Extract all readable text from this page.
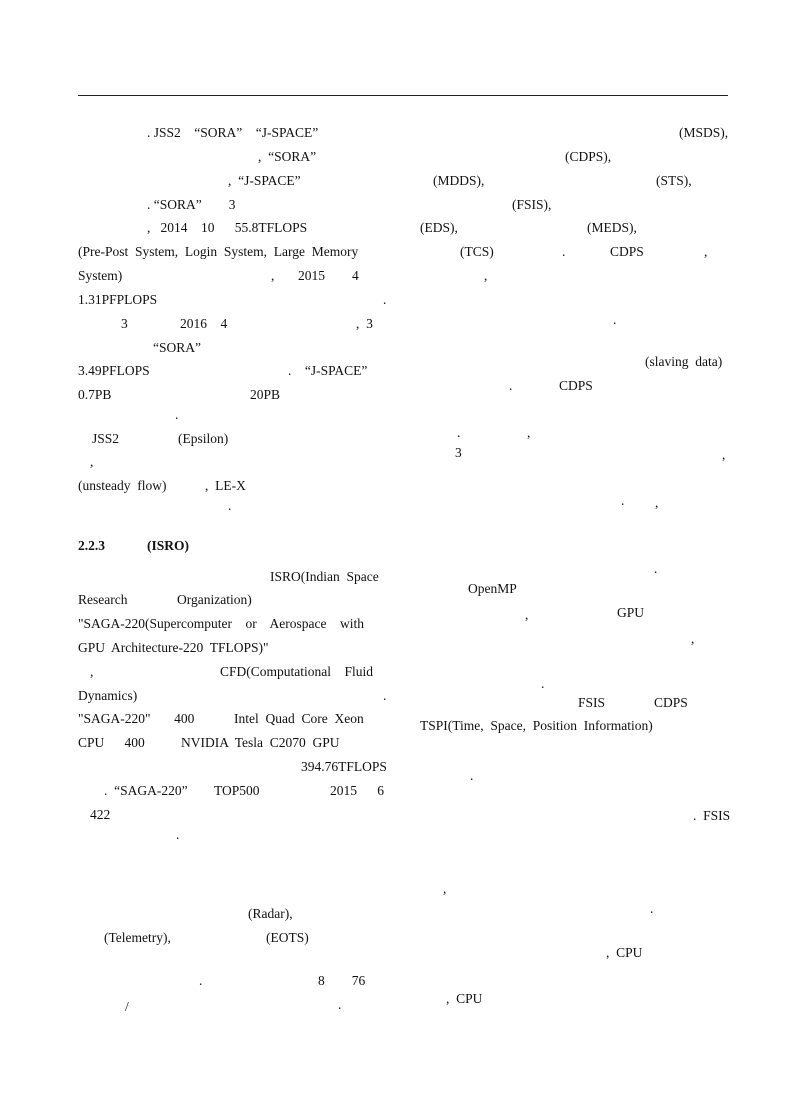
. JSS2    “SORA”    “J-SPACE”
,  “SORA”
,  “J-SPACE”
. “SORA”        3
,   2014    10      55.8TFLOPS
(Pre-Post  System,  Login  System,  Large  Memory
System)	,       2015        4
1.31PFPLOPS	.
3	2016    4	,  3
“SORA”
3.49PFLOPS	.    “J-SPACE”
0.7PB	20PB
.
JSS2	(Epsilon)
,
(unsteady  flow)	,  LE-X
.
2.2.3	(ISRO)
ISRO(Indian  Space
Research	Organization)
"SAGA-220(Supercomputer    or    Aerospace    with
GPU  Architecture-220  TFLOPS)"
,	CFD(Computational    Fluid
Dynamics)	.
"SAGA-220"       400	Intel  Quad  Core  Xeon
CPU      400	NVIDIA  Tesla  C2070  GPU
394.76TFLOPS
.  “SAGA-220” TOP500	2015      6
422
.
(Radar),
(Telemetry),	(EOTS)
.	8        76
/	.
(MSDS),
(CDPS),
(MDDS),	(STS),
(FSIS),
(EDS),	(MEDS),
(TCS)	.	CDPS	,
,
.
(slaving  data)
.	CDPS
.	,
3	,
. ,
.
OpenMP
,	GPU
,
.
FSIS	CDPS
TSPI(Time,  Space,  Position  Information)
.
.  FSIS
,
.
,  CPU
,  CPU
